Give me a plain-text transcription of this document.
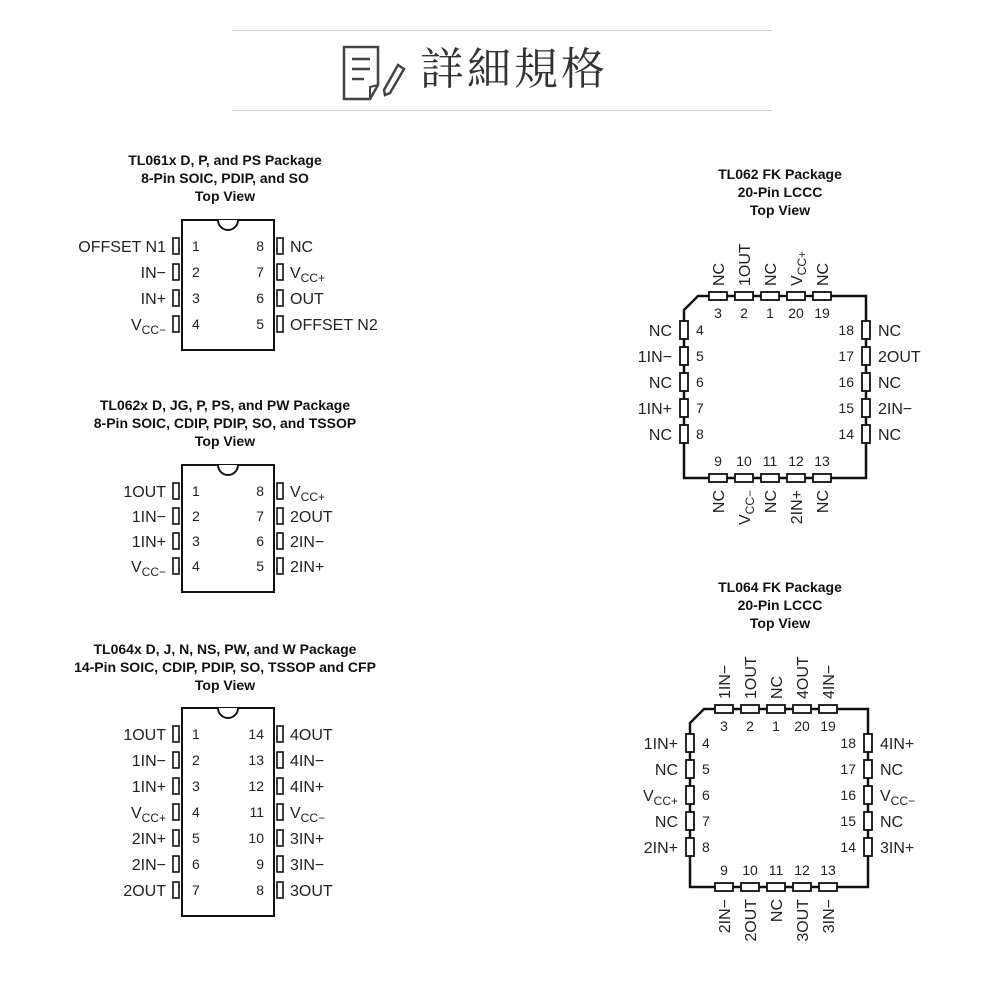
詳細規格
TL061x D, P, and PS Package
8-Pin SOIC, PDIP, and SO
Top View
TL062x D, JG, P, PS, and PW Package
8-Pin SOIC, CDIP, PDIP, SO, and TSSOP
Top View
TL064x D, J, N, NS, PW, and W Package
14-Pin SOIC, CDIP, PDIP, SO, TSSOP and CFP
Top View
TL062 FK Package
20-Pin LCCC
Top View
TL064 FK Package
20-Pin LCCC
Top View
1
OFFSET N1
2
IN−
3
IN+
4
$V_{CC-}$
8 NC
7 $V_{CC+}$
6 OUT
5 OFFSET N2
1
1OUT
2
1IN−
3
1IN+
4
$V_{CC-}$
8 $V_{CC+}$
7 2OUT
6 2IN−
5 2IN+
1
1OUT
2
1IN−
3
1IN+
4
$V_{CC+}$
5
2IN+
6
2IN−
7
2OUT
14 4OUT
13 4IN−
12 4IN+
11 $V_{CC-}$
10 3IN+
9 3IN−
8 3OUT
3
NC
2
1OUT
1
NC
20
$V_{CC+}$
19
NC
9
NC
10
$V_{CC-}$
11
NC
12
2IN+
13
NC
4
NC
5
1IN−
6
NC
7
1IN+
8
NC
18 NC
17 2OUT
16 NC
15 2IN−
14 NC
3
1IN−
2
1OUT
1
NC
20
4OUT
19
4IN−
9
2IN−
10
2OUT
11
NC
12
3OUT
13
3IN−
4
1IN+
5
NC
6
$V_{CC+}$
7
NC
8
2IN+
18 4IN+
17 NC
16 $V_{CC-}$
15 NC
14 3IN+
